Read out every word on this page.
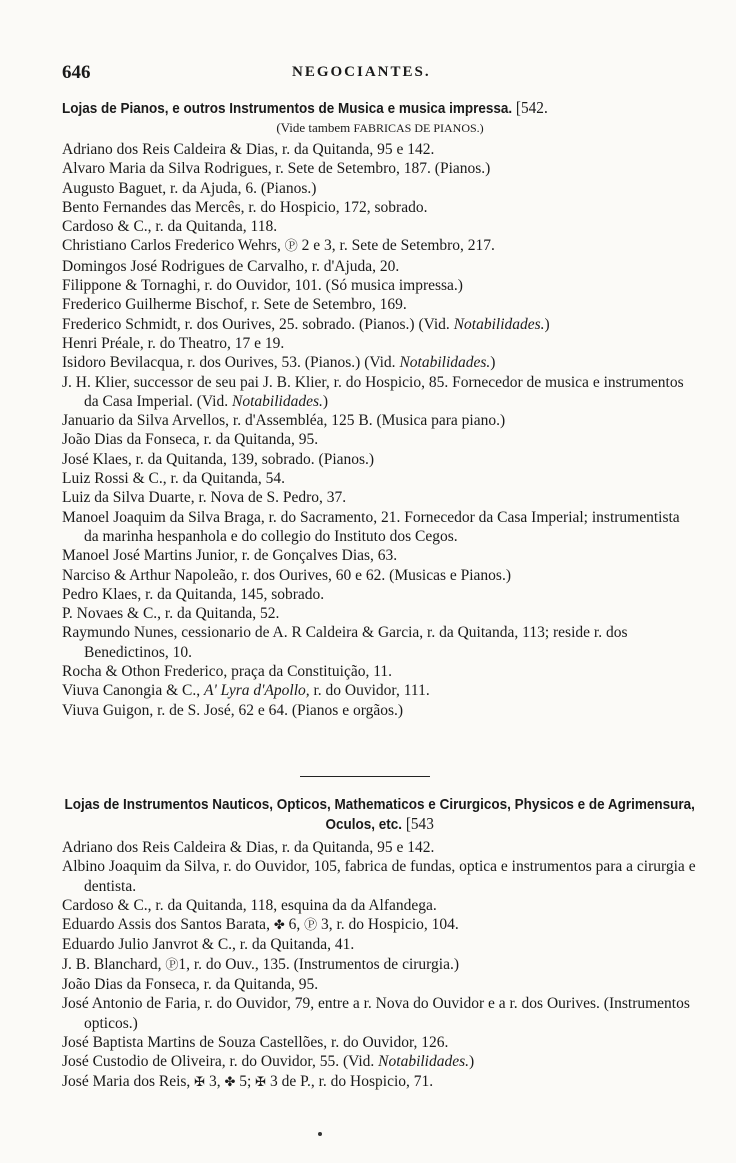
646	NEGOCIANTES.
Lojas de Pianos, e outros Instrumentos de Musica e musica impressa. [542.
(Vide tambem FABRICAS DE PIANOS.)
Adriano dos Reis Caldeira & Dias, r. da Quitanda, 95 e 142.
Alvaro Maria da Silva Rodrigues, r. Sete de Setembro, 187. (Pianos.)
Augusto Baguet, r. da Ajuda, 6. (Pianos.)
Bento Fernandes das Mercês, r. do Hospicio, 172, sobrado.
Cardoso & C., r. da Quitanda, 118.
Christiano Carlos Frederico Wehrs, Ⓟ 2 e 3, r. Sete de Setembro, 217.
Domingos José Rodrigues de Carvalho, r. d'Ajuda, 20.
Filippone & Tornaghi, r. do Ouvidor, 101. (Só musica impressa.)
Frederico Guilherme Bischof, r. Sete de Setembro, 169.
Frederico Schmidt, r. dos Ourives, 25. sobrado. (Pianos.) (Vid. Notabilidades.)
Henri Préale, r. do Theatro, 17 e 19.
Isidoro Bevilacqua, r. dos Ourives, 53. (Pianos.) (Vid. Notabilidades.)
J. H. Klier, successor de seu pai J. B. Klier, r. do Hospicio, 85. Fornecedor de musica e instrumentos da Casa Imperial. (Vid. Notabilidades.)
Januario da Silva Arvellos, r. d'Assembléa, 125 B. (Musica para piano.)
João Dias da Fonseca, r. da Quitanda, 95.
José Klaes, r. da Quitanda, 139, sobrado. (Pianos.)
Luiz Rossi & C., r. da Quitanda, 54.
Luiz da Silva Duarte, r. Nova de S. Pedro, 37.
Manoel Joaquim da Silva Braga, r. do Sacramento, 21. Fornecedor da Casa Imperial; instrumentista da marinha hespanhola e do collegio do Instituto dos Cegos.
Manoel José Martins Junior, r. de Gonçalves Dias, 63.
Narciso & Arthur Napoleão, r. dos Ourives, 60 e 62. (Musicas e Pianos.)
Pedro Klaes, r. da Quitanda, 145, sobrado.
P. Novaes & C., r. da Quitanda, 52.
Raymundo Nunes, cessionario de A. R Caldeira & Garcia, r. da Quitanda, 113; reside r. dos Benedictinos, 10.
Rocha & Othon Frederico, praça da Constituição, 11.
Viuva Canongia & C., A' Lyra d'Apollo, r. do Ouvidor, 111.
Viuva Guigon, r. de S. José, 62 e 64. (Pianos e orgãos.)
Lojas de Instrumentos Nauticos, Opticos, Mathematicos e Cirurgicos, Physicos e de Agrimensura, Oculos, etc. [543
Adriano dos Reis Caldeira & Dias, r. da Quitanda, 95 e 142.
Albino Joaquim da Silva, r. do Ouvidor, 105, fabrica de fundas, optica e instrumentos para a cirurgia e dentista.
Cardoso & C., r. da Quitanda, 118, esquina da da Alfandega.
Eduardo Assis dos Santos Barata, ✤ 6, Ⓟ 3, r. do Hospicio, 104.
Eduardo Julio Janvrot & C., r. da Quitanda, 41.
J. B. Blanchard, Ⓟ1, r. do Ouv., 135. (Instrumentos de cirurgia.)
João Dias da Fonseca, r. da Quitanda, 95.
José Antonio de Faria, r. do Ouvidor, 79, entre a r. Nova do Ouvidor e a r. dos Ourives. (Instrumentos opticos.)
José Baptista Martins de Souza Castellões, r. do Ouvidor, 126.
José Custodio de Oliveira, r. do Ouvidor, 55. (Vid. Notabilidades.)
José Maria dos Reis, ✠ 3, ✤ 5; ✠ 3 de P., r. do Hospicio, 71.
